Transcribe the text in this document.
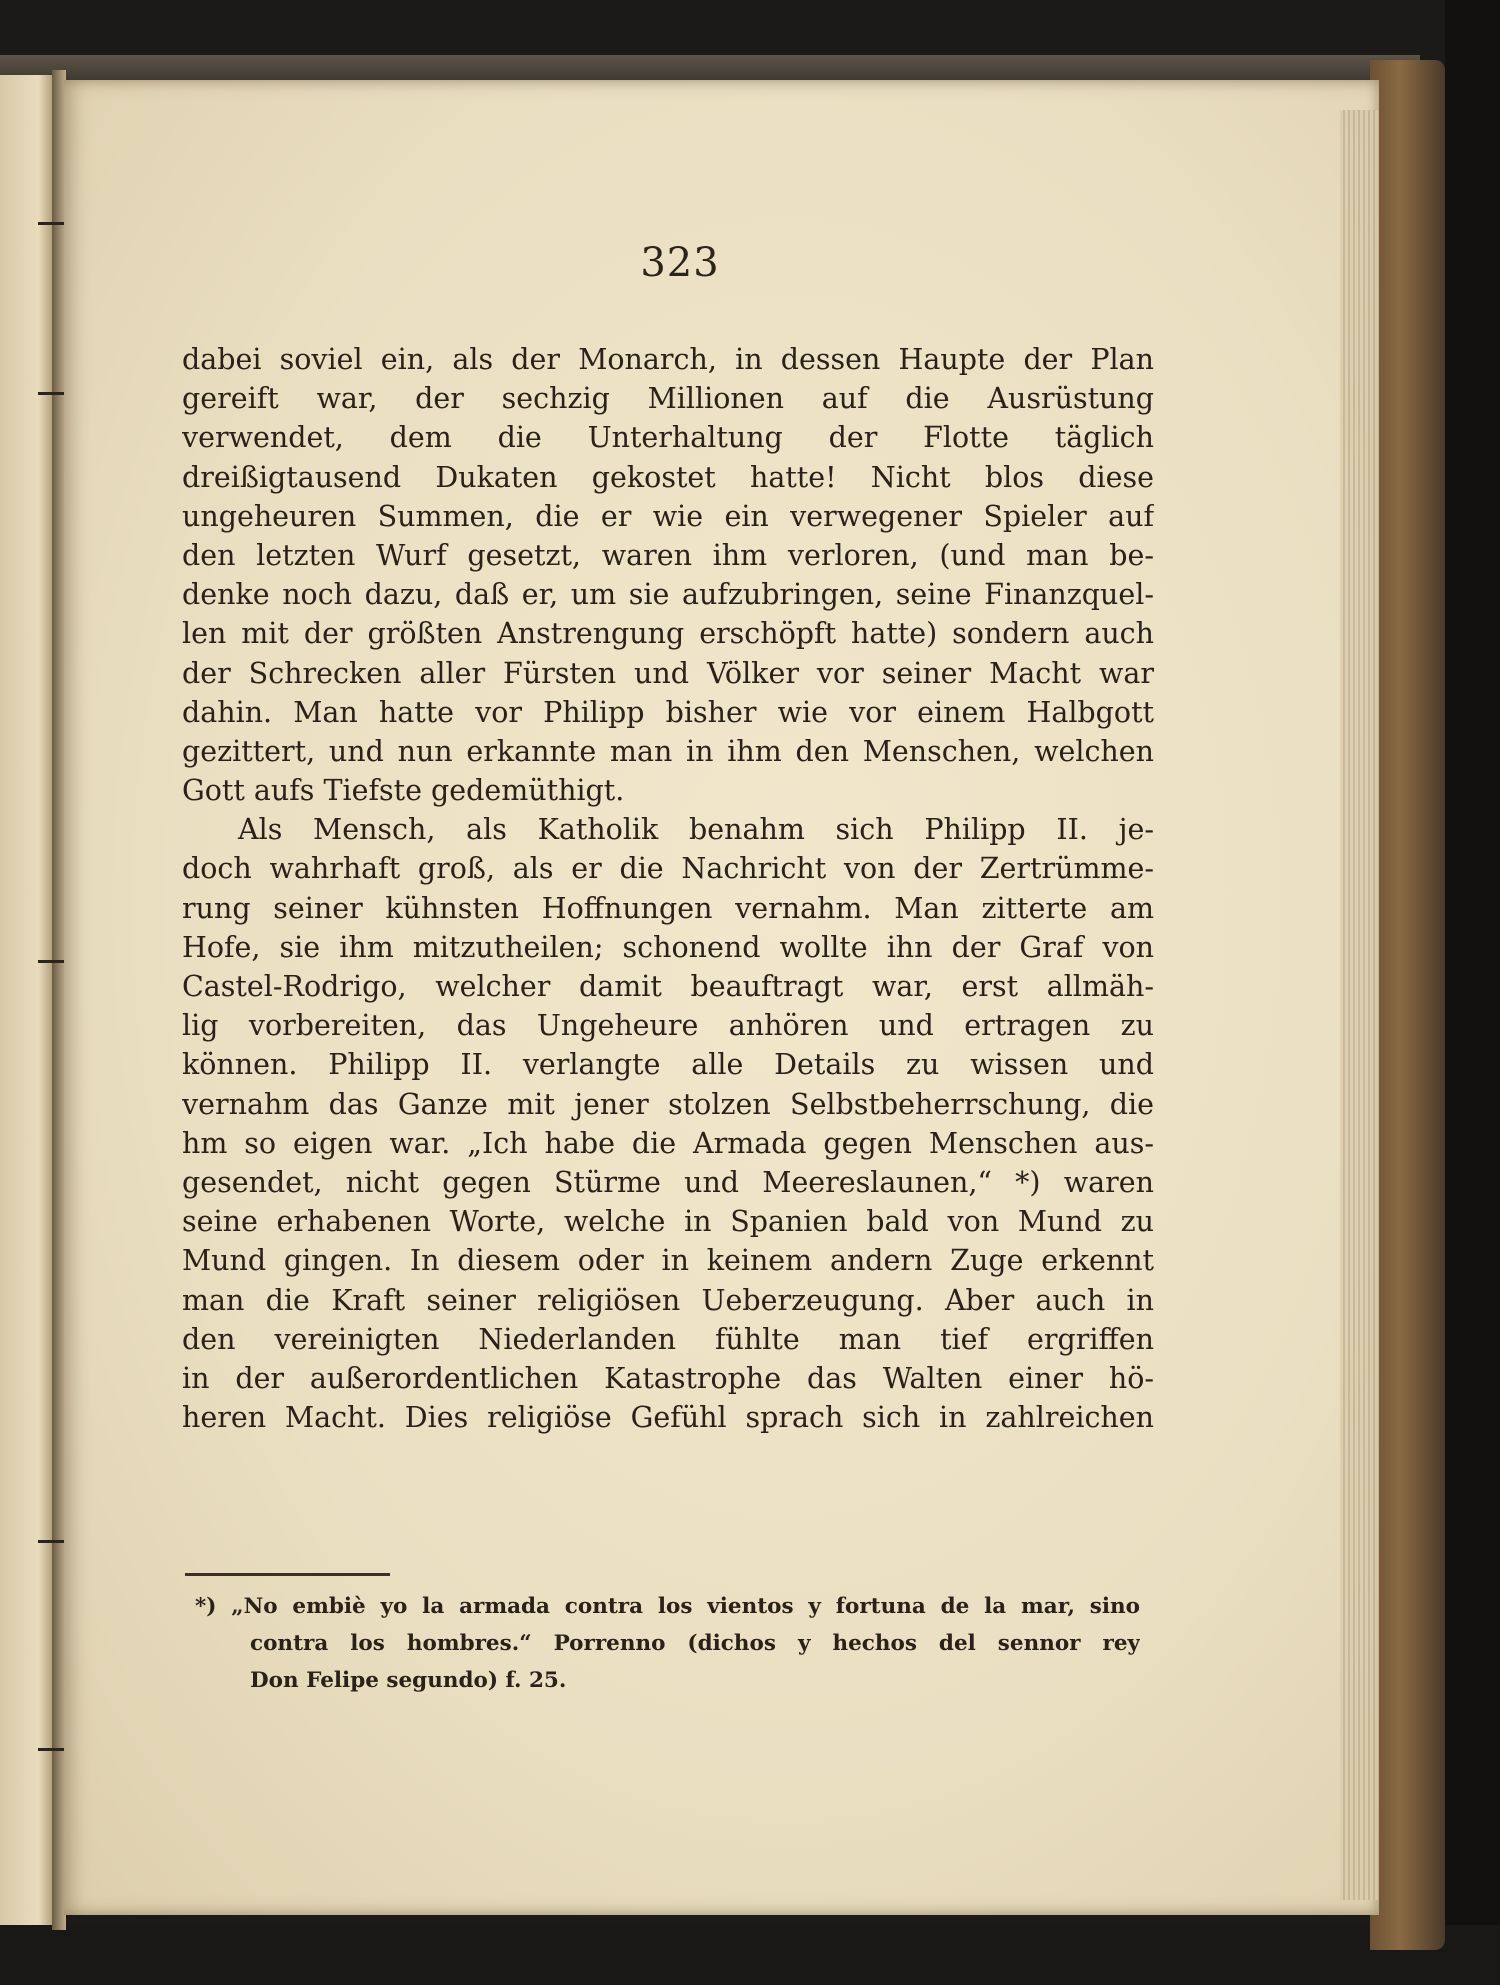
323
dabei soviel ein, als der Monarch, in dessen Haupte der Plan
gereift war, der sechzig Millionen auf die Ausrüstung
verwendet, dem die Unterhaltung der Flotte täglich
dreißigtausend Dukaten gekostet hatte! Nicht blos diese
ungeheuren Summen, die er wie ein verwegener Spieler auf
den letzten Wurf gesetzt, waren ihm verloren, (und man be-
denke noch dazu, daß er, um sie aufzubringen, seine Finanzquel-
len mit der größten Anstrengung erschöpft hatte) sondern auch
der Schrecken aller Fürsten und Völker vor seiner Macht war
dahin. Man hatte vor Philipp bisher wie vor einem Halbgott
gezittert, und nun erkannte man in ihm den Menschen, welchen
Gott aufs Tiefste gedemüthigt.
Als Mensch, als Katholik benahm sich Philipp II. je-
doch wahrhaft groß, als er die Nachricht von der Zertrümme-
rung seiner kühnsten Hoffnungen vernahm. Man zitterte am
Hofe, sie ihm mitzutheilen; schonend wollte ihn der Graf von
Castel-Rodrigo, welcher damit beauftragt war, erst allmäh-
lig vorbereiten, das Ungeheure anhören und ertragen zu
können. Philipp II. verlangte alle Details zu wissen und
vernahm das Ganze mit jener stolzen Selbstbeherrschung, die
hm so eigen war. „Ich habe die Armada gegen Menschen aus-
gesendet, nicht gegen Stürme und Meereslaunen,“ *) waren
seine erhabenen Worte, welche in Spanien bald von Mund zu
Mund gingen. In diesem oder in keinem andern Zuge erkennt
man die Kraft seiner religiösen Ueberzeugung. Aber auch in
den vereinigten Niederlanden fühlte man tief ergriffen
in der außerordentlichen Katastrophe das Walten einer hö-
heren Macht. Dies religiöse Gefühl sprach sich in zahlreichen
*) „No embiè yo la armada contra los vientos y fortuna de la mar, sino
contra los hombres.“ Porrenno (dichos y hechos del sennor rey
Don Felipe segundo) f. 25.
